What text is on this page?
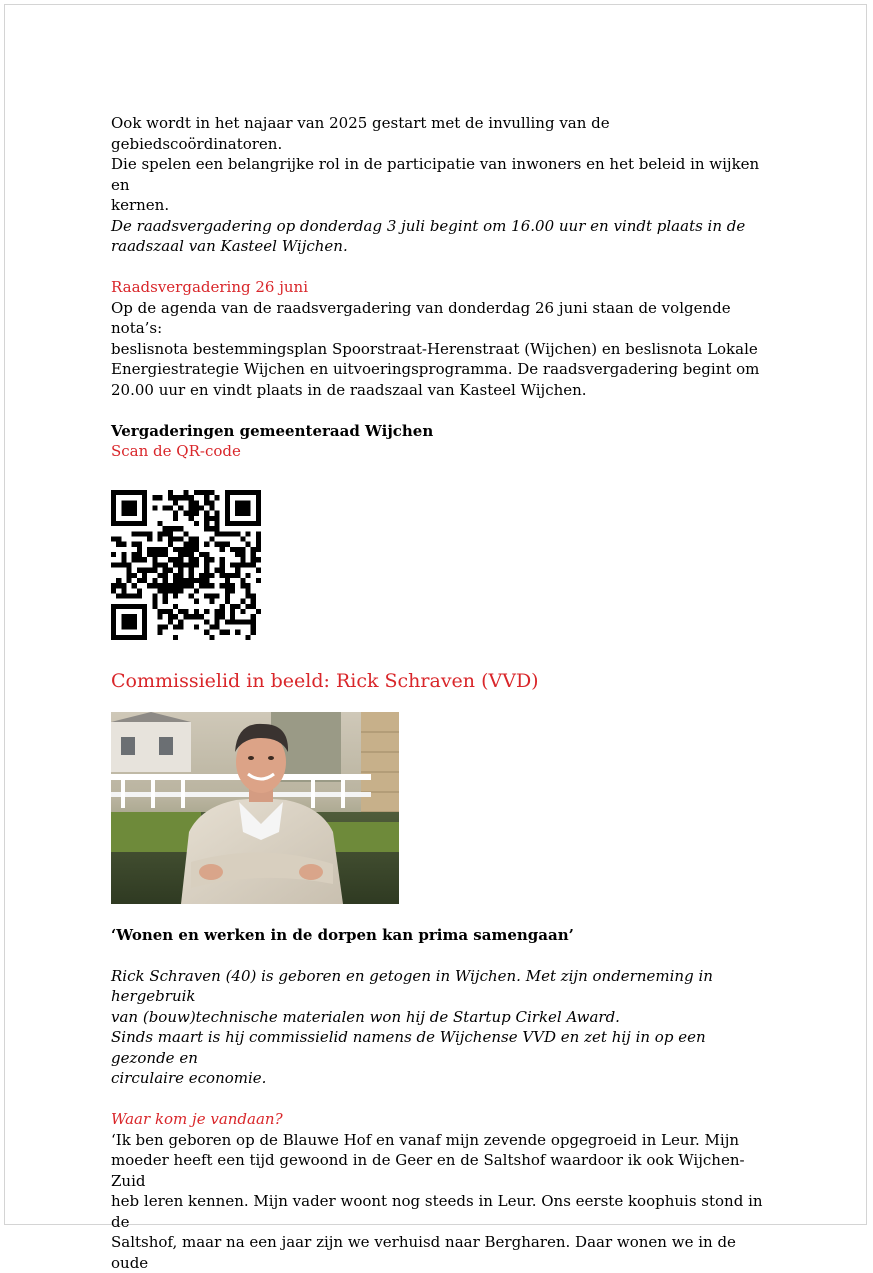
Ook wordt in het najaar van 2025 gestart met de invulling van de gebiedscoördinatoren.

Die spelen een belangrijke rol in de participatie van inwoners en het beleid in wijken en

kernen.

De raadsvergadering op donderdag 3 juli begint om 16.00 uur en vindt plaats in de

raadszaal van Kasteel Wijchen.

Raadsvergadering 26 juni

Op de agenda van de raadsvergadering van donderdag 26 juni staan de volgende nota’s:

beslisnota bestemmingsplan Spoorstraat-Herenstraat (Wijchen) en beslisnota Lokale

Energiestrategie Wijchen en uitvoeringsprogramma. De raadsvergadering begint om

20.00 uur en vindt plaats in de raadszaal van Kasteel Wijchen.

Vergaderingen gemeenteraad Wijchen

Scan de QR-code

Commissielid in beeld: Rick Schraven (VVD)

‘Wonen en werken in de dorpen kan prima samengaan’

Rick Schraven (40) is geboren en getogen in Wijchen. Met zijn onderneming in hergebruik

van (bouw)technische materialen won hij de Startup Cirkel Award.

Sinds maart is hij commissielid namens de Wijchense VVD en zet hij in op een gezonde en

circulaire economie.

Waar kom je vandaan?

‘Ik ben geboren op de Blauwe Hof en vanaf mijn zevende opgegroeid in Leur. Mijn

moeder heeft een tijd gewoond in de Geer en de Saltshof waardoor ik ook Wijchen-Zuid

heb leren kennen. Mijn vader woont nog steeds in Leur. Ons eerste koophuis stond in de

Saltshof, maar na een jaar zijn we verhuisd naar Bergharen. Daar wonen we in de oude
